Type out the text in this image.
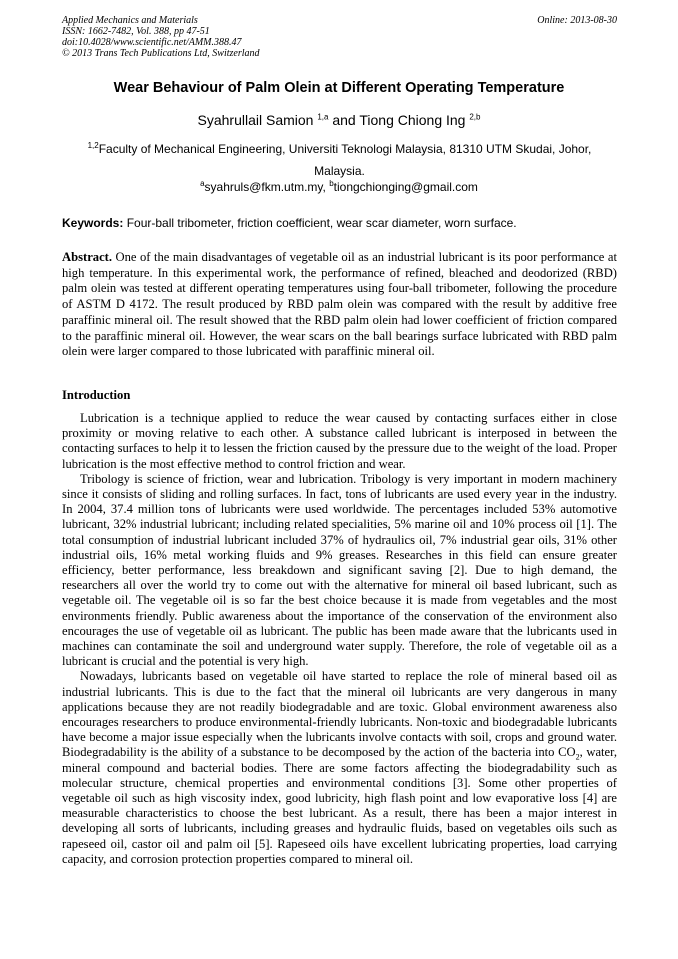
Applied Mechanics and Materials
ISSN: 1662-7482, Vol. 388, pp 47-51
doi:10.4028/www.scientific.net/AMM.388.47
© 2013 Trans Tech Publications Ltd, Switzerland
Online: 2013-08-30
Wear Behaviour of Palm Olein at Different Operating Temperature
Syahrullail Samion $^{1,a}$ and Tiong Chiong Ing $^{2,b}$
$^{1,2}$Faculty of Mechanical Engineering, Universiti Teknologi Malaysia, 81310 UTM Skudai, Johor, Malaysia.
$^a$syahruls@fkm.utm.my, $^b$tiongchionging@gmail.com
Keywords: Four-ball tribometer, friction coefficient, wear scar diameter, worn surface.
Abstract. One of the main disadvantages of vegetable oil as an industrial lubricant is its poor performance at high temperature. In this experimental work, the performance of refined, bleached and deodorized (RBD) palm olein was tested at different operating temperatures using four-ball tribometer, following the procedure of ASTM D 4172. The result produced by RBD palm olein was compared with the result by additive free paraffinic mineral oil. The result showed that the RBD palm olein had lower coefficient of friction compared to the paraffinic mineral oil. However, the wear scars on the ball bearings surface lubricated with RBD palm olein were larger compared to those lubricated with paraffinic mineral oil.
Introduction

Lubrication is a technique applied to reduce the wear caused by contacting surfaces either in close proximity or moving relative to each other. A substance called lubricant is interposed in between the contacting surfaces to help it to lessen the friction caused by the pressure due to the weight of the load. Proper lubrication is the most effective method to control friction and wear.

Tribology is science of friction, wear and lubrication. Tribology is very important in modern machinery since it consists of sliding and rolling surfaces. In fact, tons of lubricants are used every year in the industry. In 2004, 37.4 million tons of lubricants were used worldwide. The percentages included 53% automotive lubricant, 32% industrial lubricant; including related specialities, 5% marine oil and 10% process oil [1]. The total consumption of industrial lubricant included 37% of hydraulics oil, 7% industrial gear oils, 31% other industrial oils, 16% metal working fluids and 9% greases. Researches in this field can ensure greater efficiency, better performance, less breakdown and significant saving [2]. Due to high demand, the researchers all over the world try to come out with the alternative for mineral oil based lubricant, such as vegetable oil. The vegetable oil is so far the best choice because it is made from vegetables and the most environments friendly. Public awareness about the importance of the conservation of the environment also encourages the use of vegetable oil as lubricant. The public has been made aware that the lubricants used in machines can contaminate the soil and underground water supply. Therefore, the role of vegetable oil as a lubricant is crucial and the potential is very high.

Nowadays, lubricants based on vegetable oil have started to replace the role of mineral based oil as industrial lubricants. This is due to the fact that the mineral oil lubricants are very dangerous in many applications because they are not readily biodegradable and are toxic. Global environment awareness also encourages researchers to produce environmental-friendly lubricants. Non-toxic and biodegradable lubricants have become a major issue especially when the lubricants involve contacts with soil, crops and ground water. Biodegradability is the ability of a substance to be decomposed by the action of the bacteria into $CO_2$, water, mineral compound and bacterial bodies. There are some factors affecting the biodegradability such as molecular structure, chemical properties and environmental conditions [3]. Some other properties of vegetable oil such as high viscosity index, good lubricity, high flash point and low evaporative loss [4] are measurable characteristics to choose the best lubricant. As a result, there has been a major interest in developing all sorts of lubricants, including greases and hydraulic fluids, based on vegetables oils such as rapeseed oil, castor oil and palm oil [5]. Rapeseed oils have excellent lubricating properties, load carrying capacity, and corrosion protection properties compared to mineral oil.
